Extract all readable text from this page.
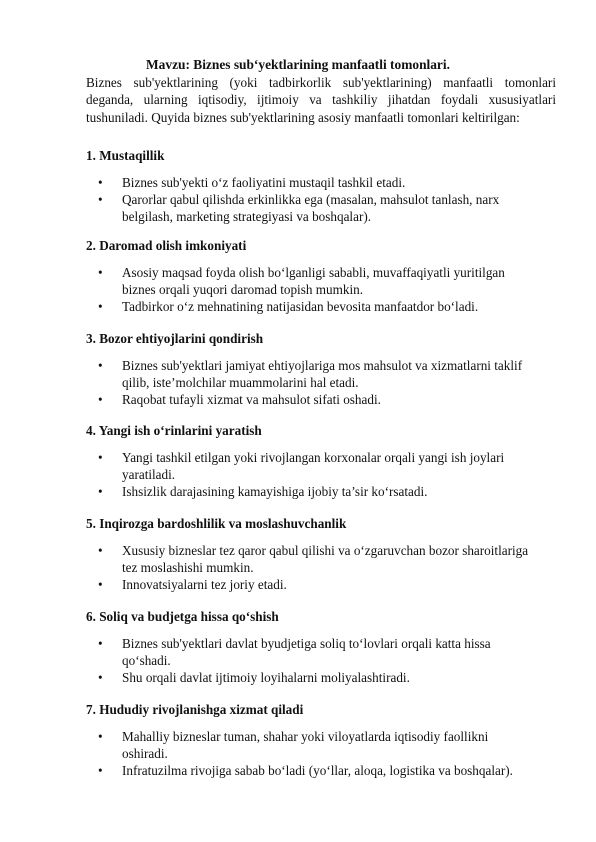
Mavzu: Biznes sub‘yektlarining manfaatli tomonlari.
Biznes sub'yektlarining (yoki tadbirkorlik sub'yektlarining) manfaatli tomonlari deganda, ularning iqtisodiy, ijtimoiy va tashkiliy jihatdan foydali xususiyatlari tushuniladi. Quyida biznes sub'yektlarining asosiy manfaatli tomonlari keltirilgan:
1. Mustaqillik
• Biznes sub'yekti o‘z faoliyatini mustaqil tashkil etadi.
• Qarorlar qabul qilishda erkinlikka ega (masalan, mahsulot tanlash, narx belgilash, marketing strategiyasi va boshqalar).
2. Daromad olish imkoniyati
• Asosiy maqsad foyda olish bo‘lganligi sababli, muvaffaqiyatli yuritilgan biznes orqali yuqori daromad topish mumkin.
• Tadbirkor o‘z mehnatining natijasidan bevosita manfaatdor bo‘ladi.
3. Bozor ehtiyojlarini qondirish
• Biznes sub'yektlari jamiyat ehtiyojlariga mos mahsulot va xizmatlarni taklif qilib, iste’molchilar muammolarini hal etadi.
• Raqobat tufayli xizmat va mahsulot sifati oshadi.
4. Yangi ish o‘rinlarini yaratish
• Yangi tashkil etilgan yoki rivojlangan korxonalar orqali yangi ish joylari yaratiladi.
• Ishsizlik darajasining kamayishiga ijobiy ta’sir ko‘rsatadi.
5. Inqirozga bardoshlilik va moslashuvchanlik
• Xususiy bizneslar tez qaror qabul qilishi va o‘zgaruvchan bozor sharoitlariga tez moslashishi mumkin.
• Innovatsiyalarni tez joriy etadi.
6. Soliq va budjetga hissa qo‘shish
• Biznes sub'yektlari davlat byudjetiga soliq to‘lovlari orqali katta hissa qo‘shadi.
• Shu orqali davlat ijtimoiy loyihalarni moliyalashtiradi.
7. Hududiy rivojlanishga xizmat qiladi
• Mahalliy bizneslar tuman, shahar yoki viloyatlarda iqtisodiy faollikni oshiradi.
• Infratuzilma rivojiga sabab bo‘ladi (yo‘llar, aloqa, logistika va boshqalar).
